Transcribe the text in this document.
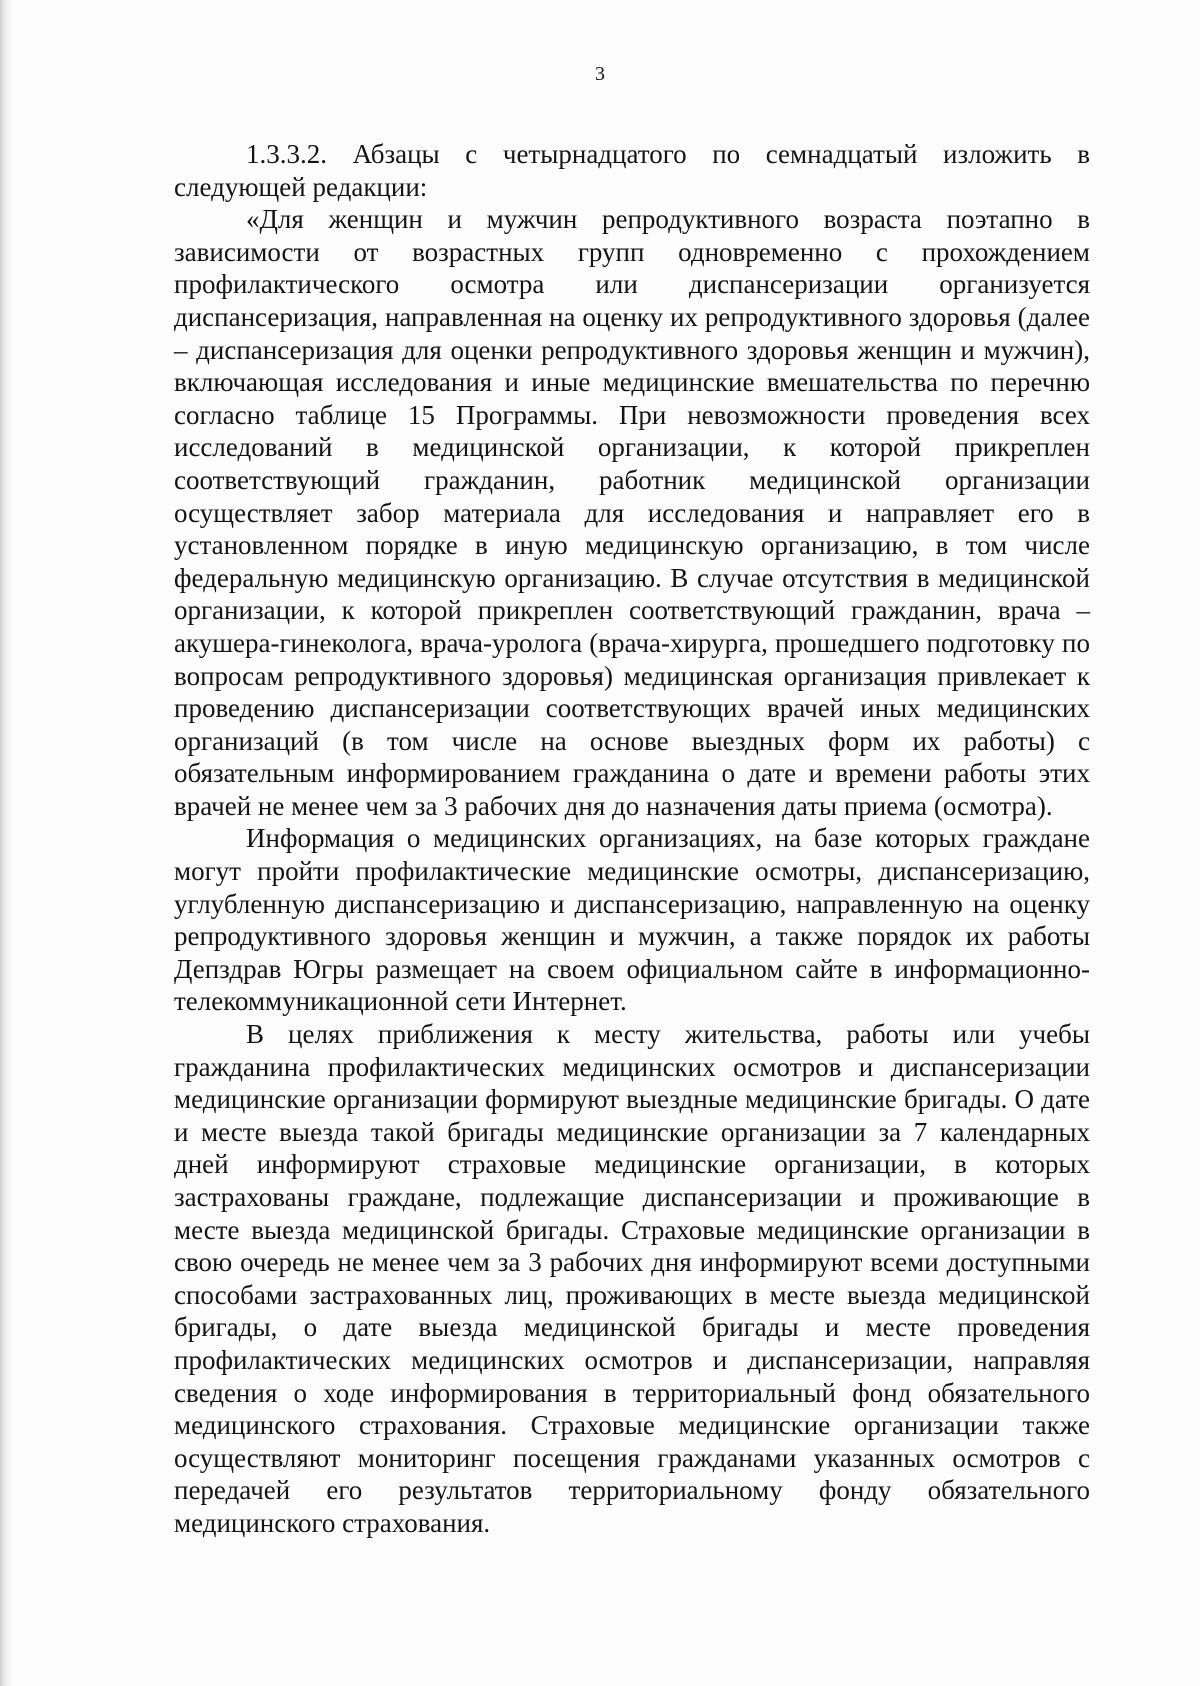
3

1.3.3.2. Абзацы с четырнадцатого по семнадцатый изложить в следующей редакции:

«Для женщин и мужчин репродуктивного возраста поэтапно в зависимости от возрастных групп одновременно с прохождением профилактического осмотра или диспансеризации организуется диспансеризация, направленная на оценку их репродуктивного здоровья (далее – диспансеризация для оценки репродуктивного здоровья женщин и мужчин), включающая исследования и иные медицинские вмешательства по перечню согласно таблице 15 Программы. При невозможности проведения всех исследований в медицинской организации, к которой прикреплен соответствующий гражданин, работник медицинской организации осуществляет забор материала для исследования и направляет его в установленном порядке в иную медицинскую организацию, в том числе федеральную медицинскую организацию. В случае отсутствия в медицинской организации, к которой прикреплен соответствующий гражданин, врача – акушера-гинеколога, врача-уролога (врача-хирурга, прошедшего подготовку по вопросам репродуктивного здоровья) медицинская организация привлекает к проведению диспансеризации соответствующих врачей иных медицинских организаций (в том числе на основе выездных форм их работы) с обязательным информированием гражданина о дате и времени работы этих врачей не менее чем за 3 рабочих дня до назначения даты приема (осмотра).

Информация о медицинских организациях, на базе которых граждане могут пройти профилактические медицинские осмотры, диспансеризацию, углубленную диспансеризацию и диспансеризацию, направленную на оценку репродуктивного здоровья женщин и мужчин, а также порядок их работы Депздрав Югры размещает на своем официальном сайте в информационно-телекоммуникационной сети Интернет.

В целях приближения к месту жительства, работы или учебы гражданина профилактических медицинских осмотров и диспансеризации медицинские организации формируют выездные медицинские бригады. О дате и месте выезда такой бригады медицинские организации за 7 календарных дней информируют страховые медицинские организации, в которых застрахованы граждане, подлежащие диспансеризации и проживающие в месте выезда медицинской бригады. Страховые медицинские организации в свою очередь не менее чем за 3 рабочих дня информируют всеми доступными способами застрахованных лиц, проживающих в месте выезда медицинской бригады, о дате выезда медицинской бригады и месте проведения профилактических медицинских осмотров и диспансеризации, направляя сведения о ходе информирования в территориальный фонд обязательного медицинского страхования. Страховые медицинские организации также осуществляют мониторинг посещения гражданами указанных осмотров с передачей его результатов территориальному фонду обязательного медицинского страхования.
